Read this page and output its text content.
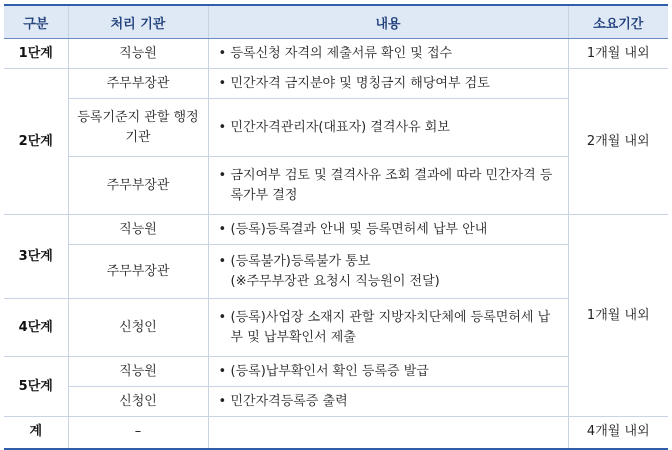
구분	처리 기관	내용	소요기간
1단계	직능원	• 등록신청 자격의 제출서류 확인 및 접수	1개월 내외
2단계	주무부장관	• 민간자격 금지분야 및 명칭금지 해당여부 검토	2개월 내외
	등록기준지 관할 행정기관	• 민간자격관리자(대표자) 결격사유 회보	

	주무부장관	• 금지여부 검토 및 결격사유 조회 결과에 따라 민간자격 등록가부 결정	

3단계	직능원	• (등록)등록결과 안내 및 등록면허세 납부 안내	1개월 내외
	주무부장관	• (등록불가)등록불가 통보
(※주무부장관 요청시 직능원이 전달)	

4단계	신청인	• (등록)사업장 소재지 관할 지방자치단체에 등록면허세 납부 및 납부확인서 제출	

5단계	직능원	• (등록)납부확인서 확인 등록증 발급	

	신청인	• 민간자격등록증 출력	

계	–		4개월 내외
